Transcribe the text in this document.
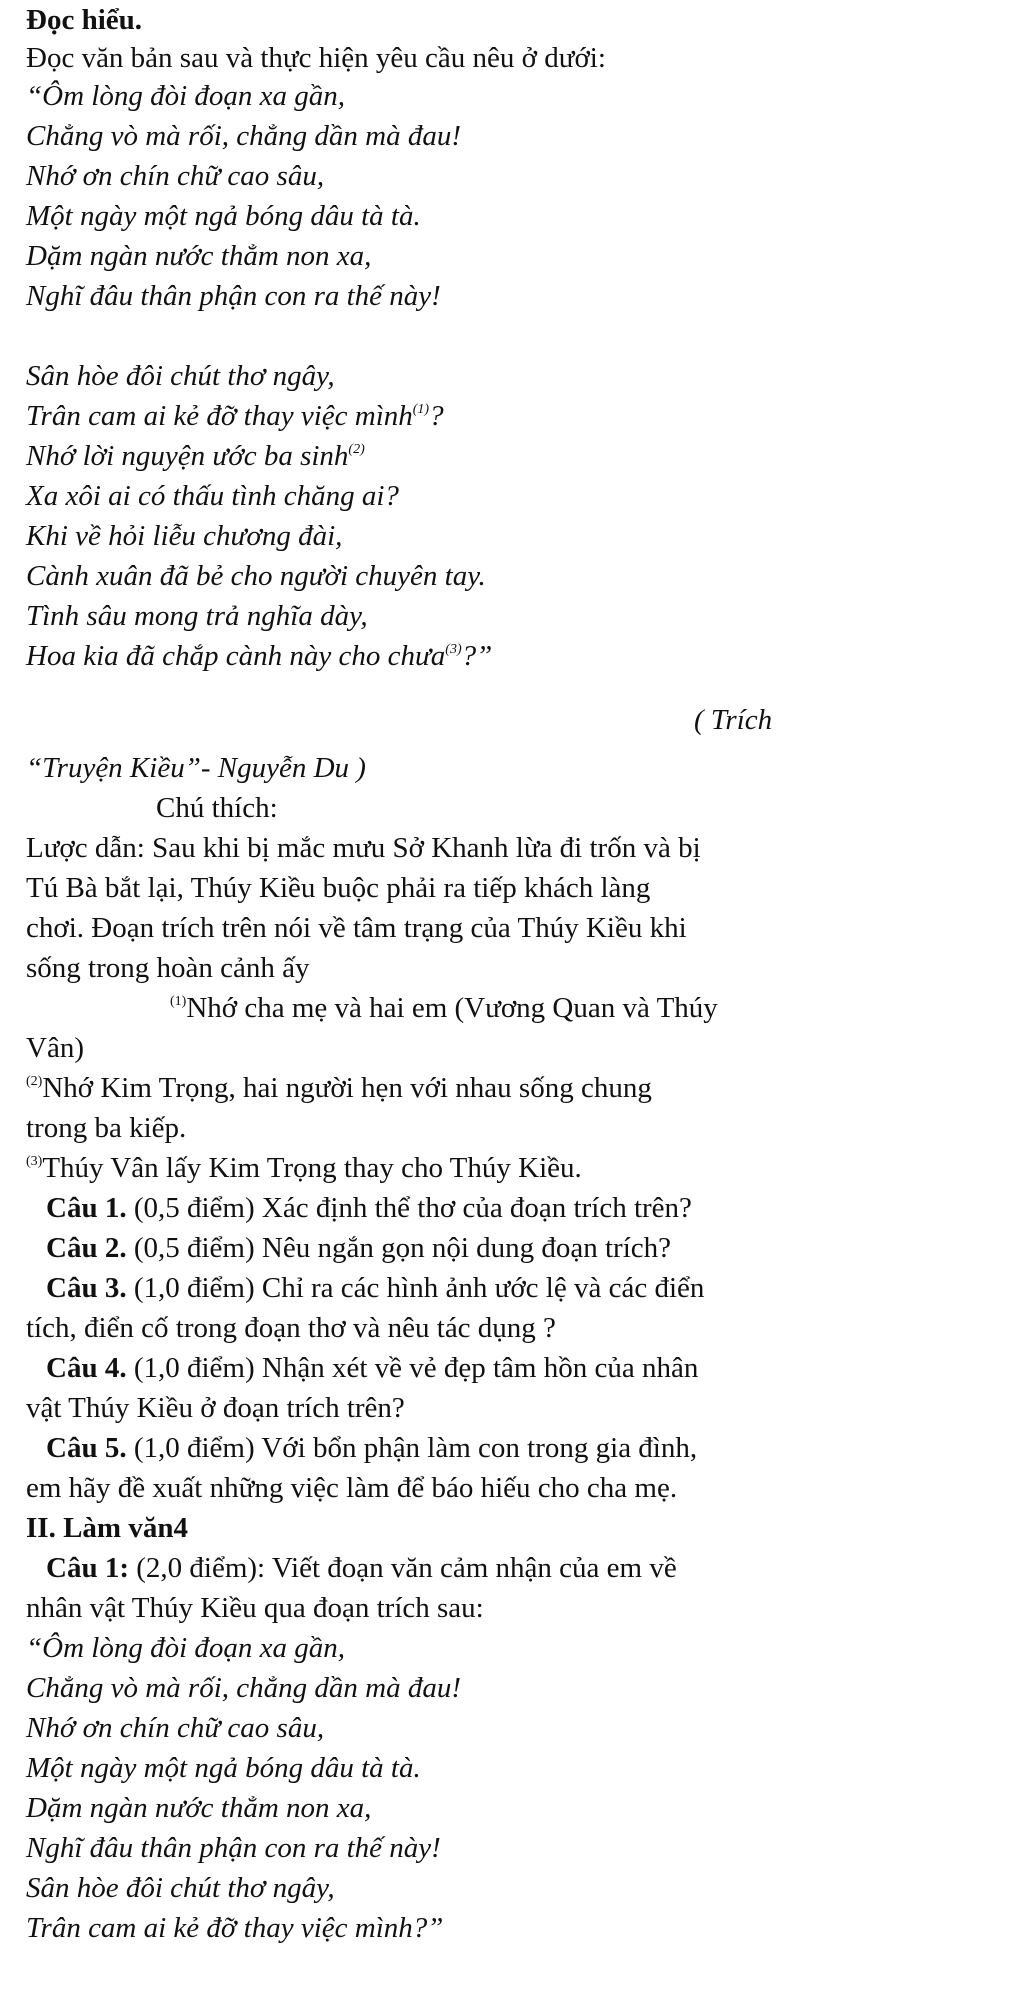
Đọc hiểu.
Đọc văn bản sau và thực hiện yêu cầu nêu ở dưới:
“Ôm lòng đòi đoạn xa gần,
Chẳng vò mà rối, chẳng dần mà đau!
Nhớ ơn chín chữ cao sâu,
Một ngày một ngả bóng dâu tà tà.
Dặm ngàn nước thẳm non xa,
Nghĩ đâu thân phận con ra thế này!
Sân hòe đôi chút thơ ngây,
Trân cam ai kẻ đỡ thay việc mình$^{(1)}$?
Nhớ lời nguyện ước ba $\sinh^{(2)}$
Xa xôi ai có thấu tình chăng ai?
Khi về hỏi liễu chương đài,
Cành xuân đã bẻ cho người chuyên tay.
Tình sâu mong trả nghĩa dày,
Hoa kia đã chắp cành này cho chưa$^{(3)}$?”
( Trích
“Truyện Kiều”- Nguyễn Du )
Chú thích:
Lược dẫn: Sau khi bị mắc mưu Sở Khanh lừa đi trốn và bị
Tú Bà bắt lại, Thúy Kiều buộc phải ra tiếp khách làng
chơi. Đoạn trích trên nói về tâm trạng của Thúy Kiều khi
sống trong hoàn cảnh ấy
$^{(1)}$Nhớ cha mẹ và hai em (Vương Quan và Thúy
Vân)
$^{(2)}$Nhớ Kim Trọng, hai người hẹn với nhau sống chung
trong ba kiếp.
$^{(3)}$Thúy Vân lấy Kim Trọng thay cho Thúy Kiều.
Câu 1. (0,5 điểm) Xác định thể thơ của đoạn trích trên?
Câu 2. (0,5 điểm) Nêu ngắn gọn nội dung đoạn trích?
Câu 3. (1,0 điểm) Chỉ ra các hình ảnh ước lệ và các điển
tích, điển cố trong đoạn thơ và nêu tác dụng ?
Câu 4. (1,0 điểm) Nhận xét về vẻ đẹp tâm hồn của nhân
vật Thúy Kiều ở đoạn trích trên?
Câu 5. (1,0 điểm) Với bổn phận làm con trong gia đình,
em hãy đề xuất những việc làm để báo hiếu cho cha mẹ.
II. Làm văn4
Câu 1: (2,0 điểm): Viết đoạn văn cảm nhận của em về
nhân vật Thúy Kiều qua đoạn trích sau:
“Ôm lòng đòi đoạn xa gần,
Chẳng vò mà rối, chẳng dần mà đau!
Nhớ ơn chín chữ cao sâu,
Một ngày một ngả bóng dâu tà tà.
Dặm ngàn nước thẳm non xa,
Nghĩ đâu thân phận con ra thế này!
Sân hòe đôi chút thơ ngây,
Trân cam ai kẻ đỡ thay việc mình?”
